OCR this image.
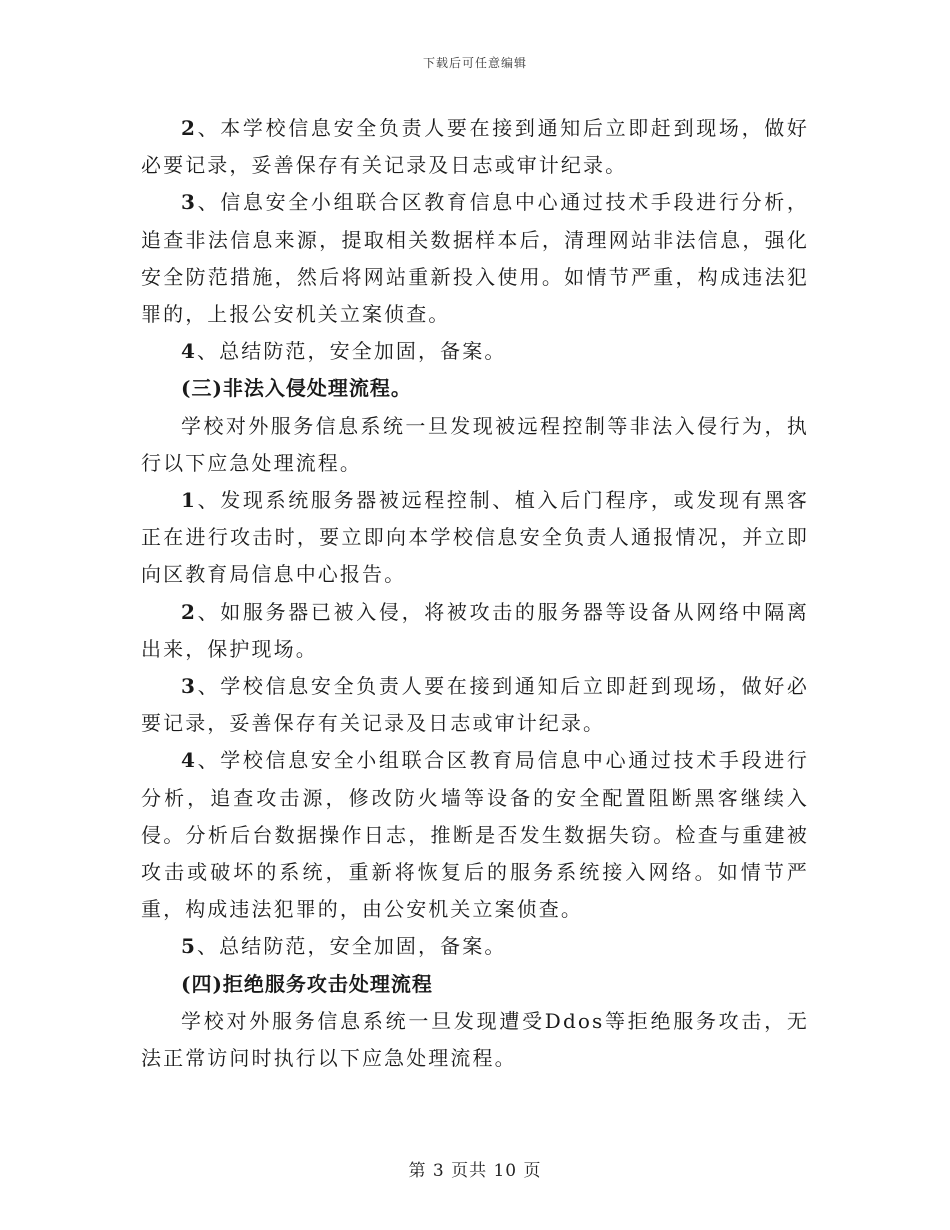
下载后可任意编辑

2、本学校信息安全负责人要在接到通知后立即赶到现场，做好必要记录，妥善保存有关记录及日志或审计纪录。

3、信息安全小组联合区教育信息中心通过技术手段进行分析，追查非法信息来源，提取相关数据样本后，清理网站非法信息，强化安全防范措施，然后将网站重新投入使用。如情节严重，构成违法犯罪的，上报公安机关立案侦查。

4、总结防范，安全加固，备案。

(三)非法入侵处理流程。

学校对外服务信息系统一旦发现被远程控制等非法入侵行为，执行以下应急处理流程。

1、发现系统服务器被远程控制、植入后门程序，或发现有黑客正在进行攻击时，要立即向本学校信息安全负责人通报情况，并立即向区教育局信息中心报告。

2、如服务器已被入侵，将被攻击的服务器等设备从网络中隔离出来，保护现场。

3、学校信息安全负责人要在接到通知后立即赶到现场，做好必要记录，妥善保存有关记录及日志或审计纪录。

4、学校信息安全小组联合区教育局信息中心通过技术手段进行分析，追查攻击源，修改防火墙等设备的安全配置阻断黑客继续入侵。分析后台数据操作日志，推断是否发生数据失窃。检查与重建被攻击或破坏的系统，重新将恢复后的服务系统接入网络。如情节严重，构成违法犯罪的，由公安机关立案侦查。

5、总结防范，安全加固，备案。

(四)拒绝服务攻击处理流程

学校对外服务信息系统一旦发现遭受Ddos等拒绝服务攻击，无法正常访问时执行以下应急处理流程。

第 3 页共 10 页
